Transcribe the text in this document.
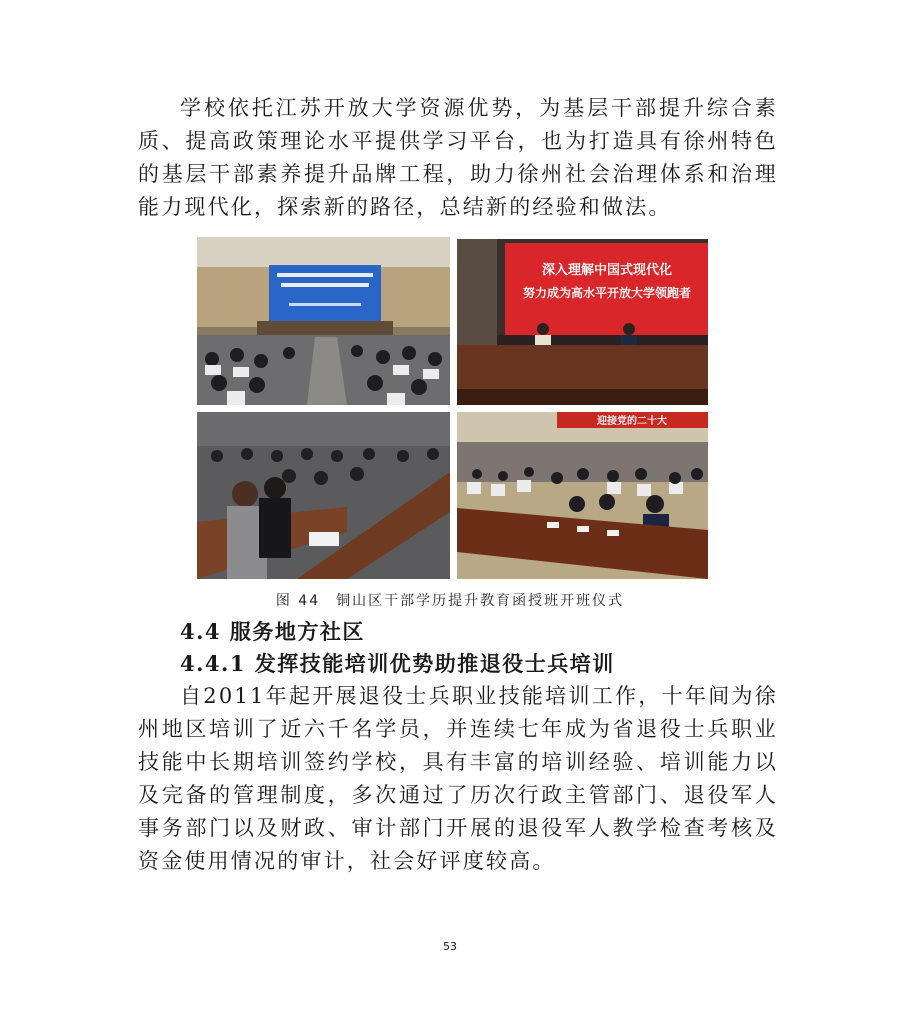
学校依托江苏开放大学资源优势，为基层干部提升综合素质、提高政策理论水平提供学习平台，也为打造具有徐州特色的基层干部素养提升品牌工程，助力徐州社会治理体系和治理能力现代化，探索新的路径，总结新的经验和做法。

深入理解中国式现代化
努力成为高水平开放大学领跑者
迎接党的二十大
图 44　铜山区干部学历提升教育函授班开班仪式
4.4 服务地方社区
4.4.1 发挥技能培训优势助推退役士兵培训

自2011年起开展退役士兵职业技能培训工作，十年间为徐州地区培训了近六千名学员，并连续七年成为省退役士兵职业技能中长期培训签约学校，具有丰富的培训经验、培训能力以及完备的管理制度，多次通过了历次行政主管部门、退役军人事务部门以及财政、审计部门开展的退役军人教学检查考核及资金使用情况的审计，社会好评度较高。

53
